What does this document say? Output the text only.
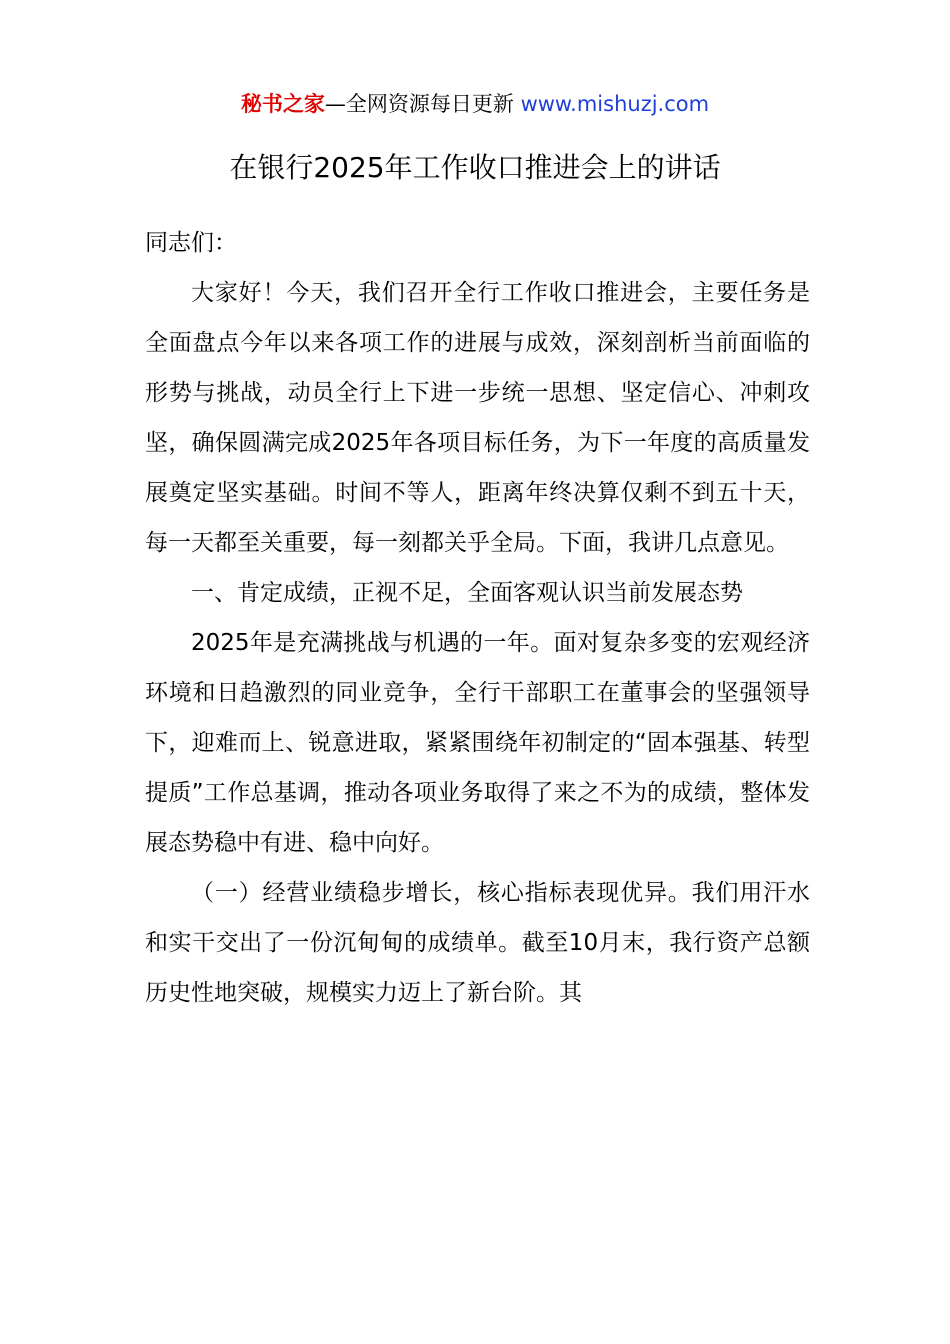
秘书之家—全网资源每日更新 www.mishuzj.com
在银行2025年工作收口推进会上的讲话

同志们：

大家好！今天，我们召开全行工作收口推进会，主要任务是全面盘点今年以来各项工作的进展与成效，深刻剖析当前面临的形势与挑战，动员全行上下进一步统一思想、坚定信心、冲刺攻坚，确保圆满完成2025年各项目标任务，为下一年度的高质量发展奠定坚实基础。时间不等人，距离年终决算仅剩不到五十天，每一天都至关重要，每一刻都关乎全局。下面，我讲几点意见。

一、肯定成绩，正视不足，全面客观认识当前发展态势

2025年是充满挑战与机遇的一年。面对复杂多变的宏观经济环境和日趋激烈的同业竞争，全行干部职工在董事会的坚强领导下，迎难而上、锐意进取，紧紧围绕年初制定的“固本强基、转型提质”工作总基调，推动各项业务取得了来之不为的成绩，整体发展态势稳中有进、稳中向好。

（一）经营业绩稳步增长，核心指标表现优异。我们用汗水和实干交出了一份沉甸甸的成绩单。截至10月末，我行资产总额历史性地突破，规模实力迈上了新台阶。其
